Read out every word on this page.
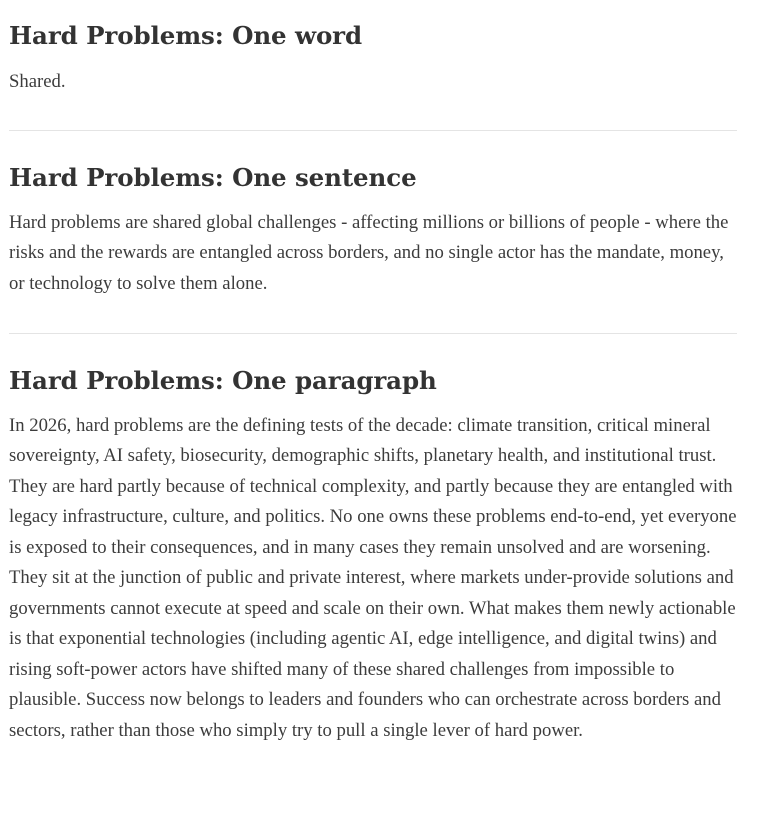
Hard Problems: One word

Shared.

Hard Problems: One sentence

Hard problems are shared global challenges - affecting millions or billions of people - where the risks and the rewards are entangled across borders, and no single actor has the mandate, money, or technology to solve them alone.

Hard Problems: One paragraph

In 2026, hard problems are the defining tests of the decade: climate transition, critical mineral sovereignty, AI safety, biosecurity, demographic shifts, planetary health, and institutional trust. They are hard partly because of technical complexity, and partly because they are entangled with legacy infrastructure, culture, and politics. No one owns these problems end-to-end, yet everyone is exposed to their consequences, and in many cases they remain unsolved and are worsening. They sit at the junction of public and private interest, where markets under-provide solutions and governments cannot execute at speed and scale on their own. What makes them newly actionable is that exponential technologies (including agentic AI, edge intelligence, and digital twins) and rising soft-power actors have shifted many of these shared challenges from impossible to plausible. Success now belongs to leaders and founders who can orchestrate across borders and sectors, rather than those who simply try to pull a single lever of hard power.
